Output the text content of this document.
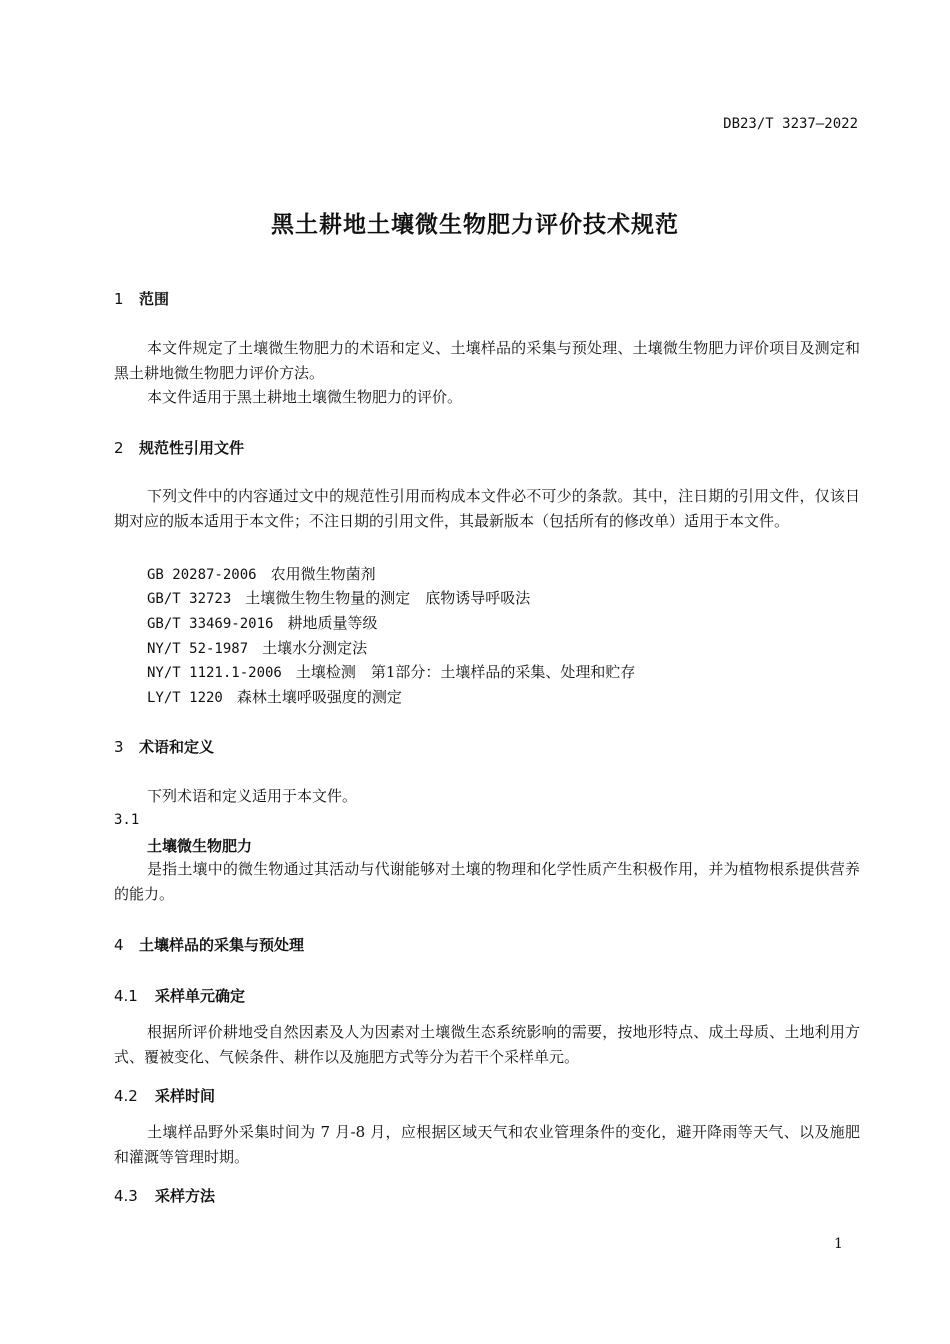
DB23/T 3237—2022
黑土耕地土壤微生物肥力评价技术规范
1 范围
本文件规定了土壤微生物肥力的术语和定义、土壤样品的采集与预处理、土壤微生物肥力评价项目及测定和黑土耕地微生物肥力评价方法。
本文件适用于黑土耕地土壤微生物肥力的评价。
2 规范性引用文件
下列文件中的内容通过文中的规范性引用而构成本文件必不可少的条款。其中，注日期的引用文件，仅该日期对应的版本适用于本文件；不注日期的引用文件，其最新版本（包括所有的修改单）适用于本文件。
GB 20287-2006 农用微生物菌剂
GB/T 32723 土壤微生物生物量的测定　底物诱导呼吸法
GB/T 33469-2016 耕地质量等级
NY/T 52-1987 土壤水分测定法
NY/T 1121.1-2006 土壤检测　第1部分：土壤样品的采集、处理和贮存
LY/T 1220 森林土壤呼吸强度的测定
3 术语和定义
下列术语和定义适用于本文件。
3.1
土壤微生物肥力
是指土壤中的微生物通过其活动与代谢能够对土壤的物理和化学性质产生积极作用，并为植物根系提供营养的能力。
4 土壤样品的采集与预处理
4.1 采样单元确定
根据所评价耕地受自然因素及人为因素对土壤微生态系统影响的需要，按地形特点、成土母质、土地利用方式、覆被变化、气候条件、耕作以及施肥方式等分为若干个采样单元。
4.2 采样时间
土壤样品野外采集时间为 7 月-8 月，应根据区域天气和农业管理条件的变化，避开降雨等天气、以及施肥和灌溉等管理时期。
4.3 采样方法
1
